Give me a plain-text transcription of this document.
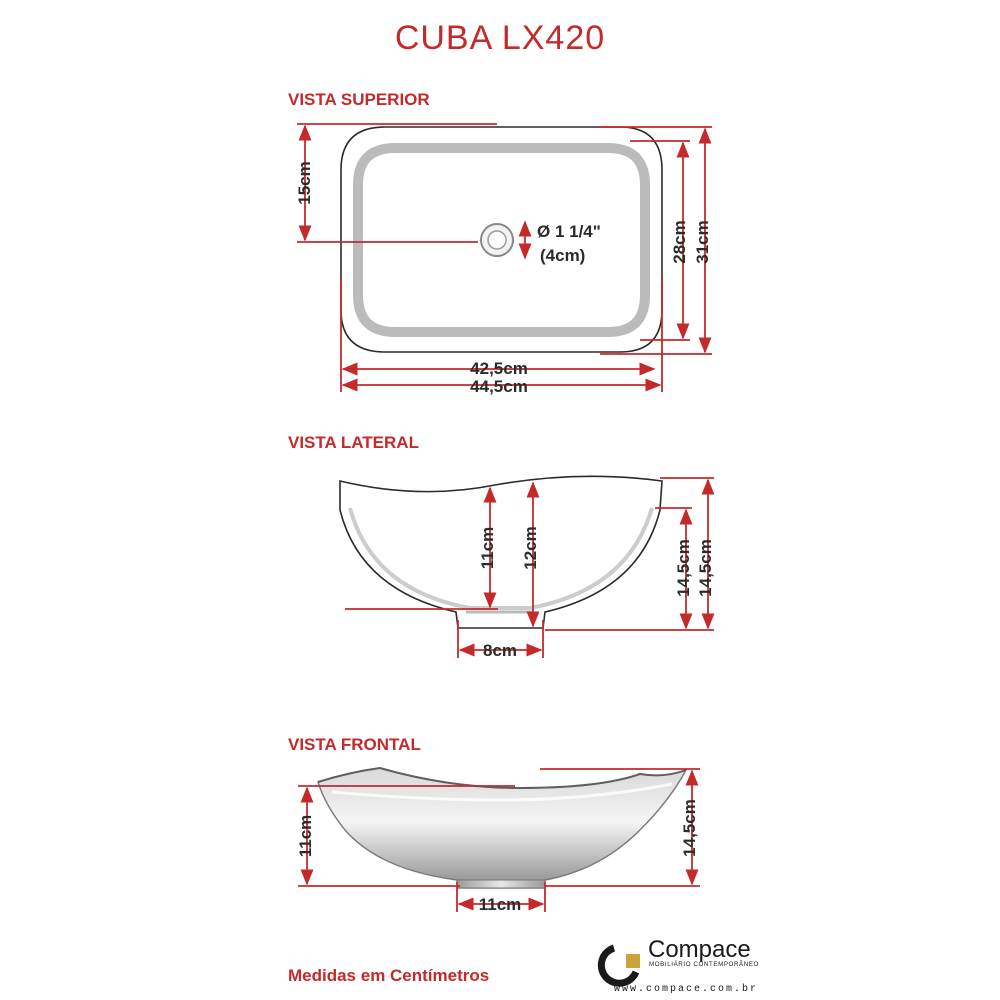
CUBA LX420
VISTA SUPERIOR
15cm
Ø 1 1/4"
(4cm)	28cm 31cm
42,5cm
44,5cm
VISTA LATERAL
11cm 12cm	14,5cm 14,5cm
8cm
VISTA FRONTAL
11cm	14,5cm
11cm
Medidas em Centímetros
Compace
MOBILIÁRIO CONTEMPORÂNEO
www.compace.com.br
